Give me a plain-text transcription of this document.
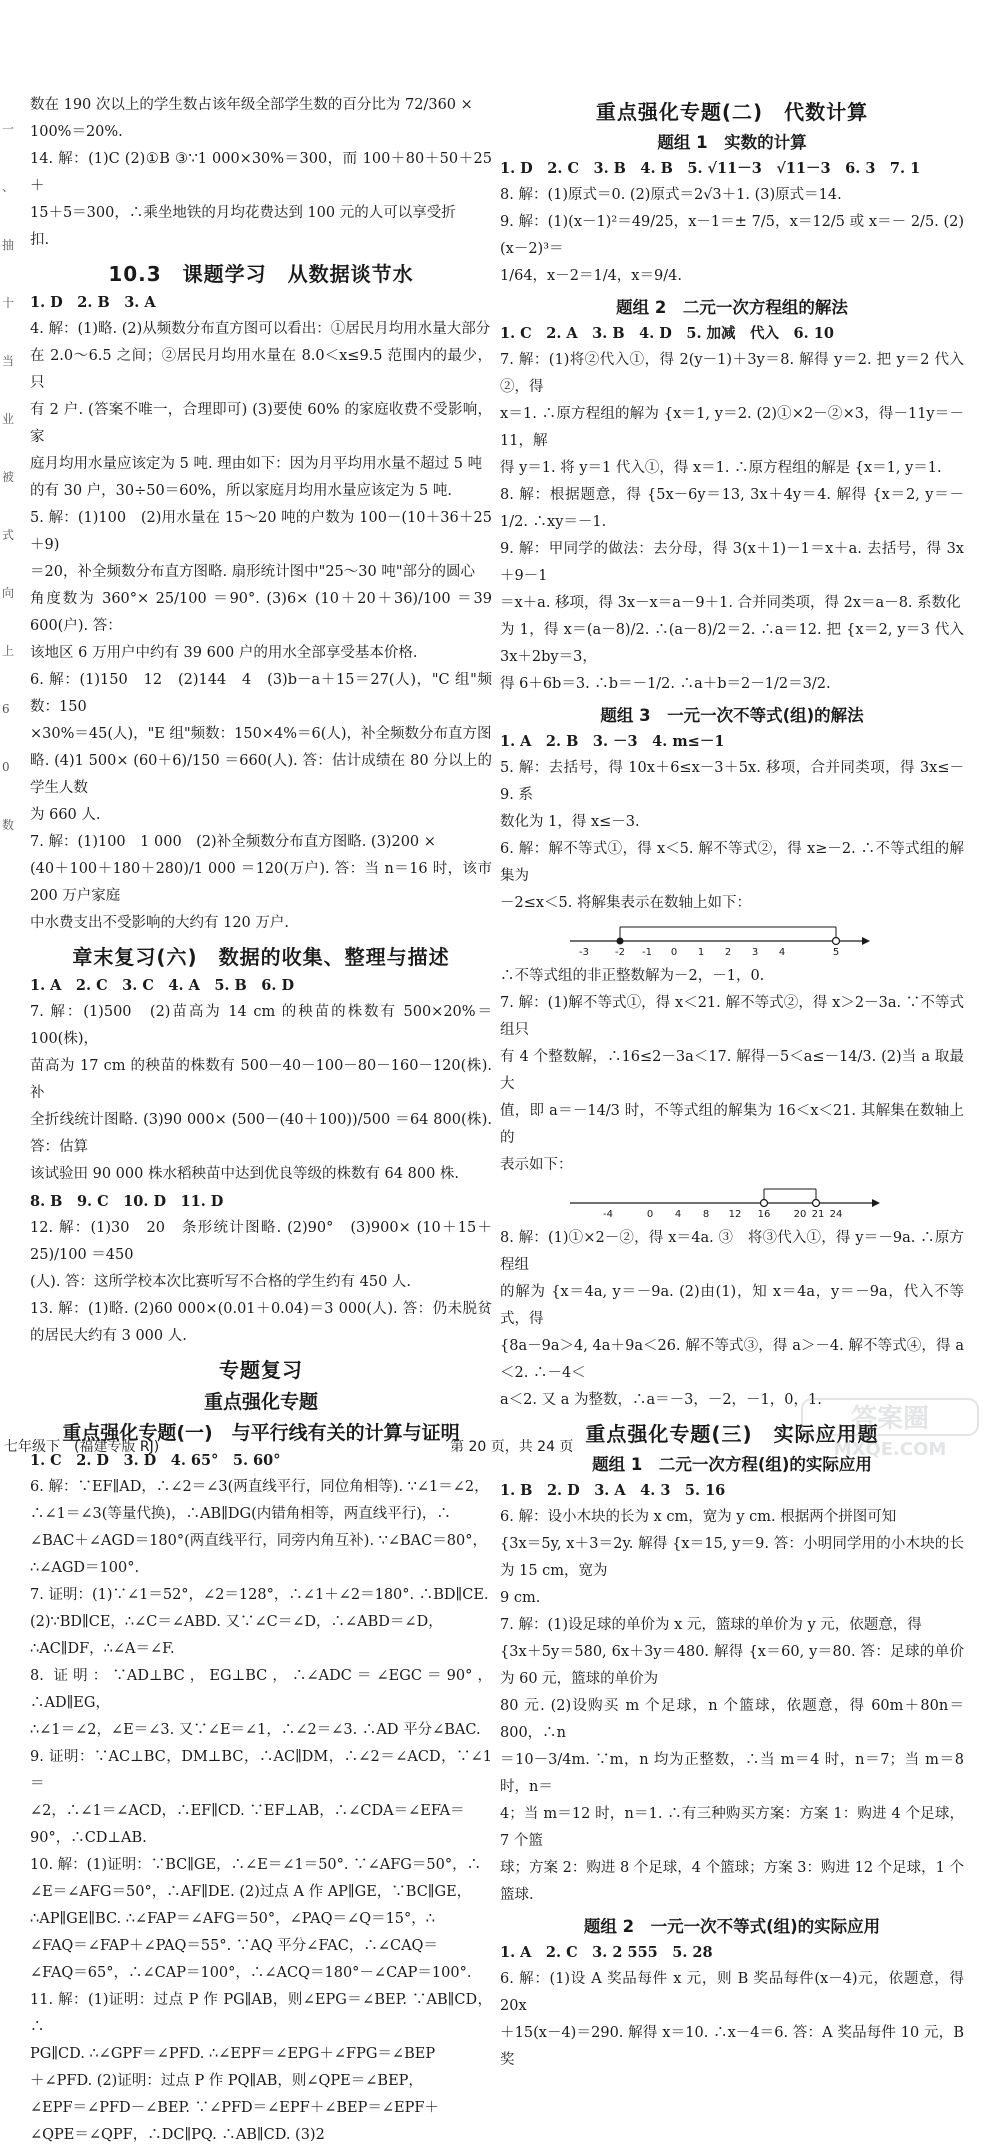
一
、
抽
十
当
业
被
式
向
上
6
0
数

数在 190 次以上的学生数占该年级全部学生数的百分比为 72/360 ×

100%＝20%.

14. 解：(1)C (2)①B ③∵1 000×30%＝300，而 100＋80＋50＋25＋

15＋5＝300，∴乘坐地铁的月均花费达到 100 元的人可以享受折

扣.

10.3　课题学习　从数据谈节水

1. D　2. B　3. A

4. 解：(1)略. (2)从频数分布直方图可以看出：①居民月均用水量大部分

在 2.0～6.5 之间；②居民月均用水量在 8.0＜x≤9.5 范围内的最少，只

有 2 户. (答案不唯一，合理即可) (3)要使 60% 的家庭收费不受影响，家

庭月均用水量应该定为 5 吨. 理由如下：因为月平均用水量不超过 5 吨

的有 30 户，30÷50＝60%，所以家庭月均用水量应该定为 5 吨.

5. 解：(1)100　(2)用水量在 15～20 吨的户数为 100－(10＋36＋25＋9)

＝20，补全频数分布直方图略. 扇形统计图中"25～30 吨"部分的圆心

角度数为 360°× 25/100 ＝90°. (3)6× (10＋20＋36)/100 ＝39 600(户). 答：

该地区 6 万用户中约有 39 600 户的用水全部享受基本价格.

6. 解：(1)150　12　(2)144　4　(3)b－a＋15＝27(人)，"C 组"频数：150

×30%＝45(人)，"E 组"频数：150×4%＝6(人)，补全频数分布直方图

略. (4)1 500× (60＋6)/150 ＝660(人). 答：估计成绩在 80 分以上的学生人数

为 660 人.

7. 解：(1)100　1 000　(2)补全频数分布直方图略. (3)200 ×

(40＋100＋180＋280)/1 000 ＝120(万户). 答：当 n＝16 时，该市 200 万户家庭

中水费支出不受影响的大约有 120 万户.

章末复习(六)　数据的收集、整理与描述

1. A　2. C　3. C　4. A　5. B　6. D

7. 解：(1)500　(2)苗高为 14 cm 的秧苗的株数有 500×20%＝100(株)，

苗高为 17 cm 的秧苗的株数有 500－40－100－80－160－120(株). 补

全折线统计图略. (3)90 000× (500－(40＋100))/500 ＝64 800(株). 答：估算

该试验田 90 000 株水稻秧苗中达到优良等级的株数有 64 800 株.

8. B　9. C　10. D　11. D

12. 解：(1)30　20　条形统计图略. (2)90°　(3)900× (10＋15＋25)/100 ＝450

(人). 答：这所学校本次比赛听写不合格的学生约有 450 人.

13. 解：(1)略. (2)60 000×(0.01＋0.04)＝3 000(人). 答：仍未脱贫的居民大约有 3 000 人.

专题复习
重点强化专题
重点强化专题(一)　与平行线有关的计算与证明

1. C　2. D　3. D　4. 65°　5. 60°

6. 解：∵EF∥AD，∴∠2＝∠3(两直线平行，同位角相等). ∵∠1＝∠2，

∴∠1＝∠3(等量代换)，∴AB∥DG(内错角相等，两直线平行)，∴

∠BAC＋∠AGD＝180°(两直线平行，同旁内角互补). ∵∠BAC＝80°，

∴∠AGD＝100°.

7. 证明：(1)∵∠1＝52°，∠2＝128°，∴∠1＋∠2＝180°. ∴BD∥CE.

(2)∵BD∥CE，∴∠C＝∠ABD. 又∵∠C＝∠D，∴∠ABD＝∠D，

∴AC∥DF，∴∠A＝∠F.

8. 证明：∵AD⊥BC，EG⊥BC，∴∠ADC＝∠EGC＝90°，∴AD∥EG，

∴∠1＝∠2，∠E＝∠3. 又∵∠E＝∠1，∴∠2＝∠3. ∴AD 平分∠BAC.

9. 证明：∵AC⊥BC，DM⊥BC，∴AC∥DM，∴∠2＝∠ACD，∵∠1＝

∠2，∴∠1＝∠ACD，∴EF∥CD. ∵EF⊥AB，∴∠CDA＝∠EFA＝

90°，∴CD⊥AB.

10. 解：(1)证明：∵BC∥GE，∴∠E＝∠1＝50°. ∵∠AFG＝50°，∴

∠E＝∠AFG＝50°，∴AF∥DE. (2)过点 A 作 AP∥GE，∵BC∥GE，

∴AP∥GE∥BC. ∴∠FAP＝∠AFG＝50°，∠PAQ＝∠Q＝15°，∴

∠FAQ＝∠FAP＋∠PAQ＝55°. ∵AQ 平分∠FAC，∴∠CAQ＝

∠FAQ＝65°，∴∠CAP＝100°，∴∠ACQ＝180°－∠CAP＝100°.

11. 解：(1)证明：过点 P 作 PG∥AB，则∠EPG＝∠BEP. ∵AB∥CD，∴

PG∥CD. ∴∠GPF＝∠PFD. ∴∠EPF＝∠EPG＋∠FPG＝∠BEP

＋∠PFD. (2)证明：过点 P 作 PQ∥AB，则∠QPE＝∠BEP，

∠EPF＝∠PFD－∠BEP. ∵∠PFD＝∠EPF＋∠BEP＝∠EPF＋

∠QPE＝∠QPF，∴DC∥PQ. ∴AB∥CD. (3)2

重点强化专题(二)　代数计算
题组 1　实数的计算

1. D　2. C　3. B　4. B　5. √11－3　√11－3　6. 3　7. 1

8. 解：(1)原式＝0. (2)原式＝2√3＋1. (3)原式＝14.

9. 解：(1)(x－1)²＝49/25，x－1＝± 7/5，x＝12/5 或 x＝－ 2/5. (2)(x－2)³＝

1/64，x－2＝1/4，x＝9/4.

题组 2　二元一次方程组的解法

1. C　2. A　3. B　4. D　5. 加减　代入　6. 10

7. 解：(1)将②代入①，得 2(y－1)＋3y＝8. 解得 y＝2. 把 y＝2 代入②，得

x＝1. ∴原方程组的解为 {x＝1, y＝2. (2)①×2－②×3，得－11y＝－11，解

得 y＝1. 将 y＝1 代入①，得 x＝1. ∴原方程组的解是 {x＝1, y＝1.

8. 解：根据题意，得 {5x－6y＝13, 3x＋4y＝4. 解得 {x＝2, y＝－1/2. ∴xy＝－1.

9. 解：甲同学的做法：去分母，得 3(x＋1)－1＝x＋a. 去括号，得 3x＋9－1

＝x＋a. 移项，得 3x－x＝a－9＋1. 合并同类项，得 2x＝a－8. 系数化

为 1，得 x＝(a－8)/2. ∴(a－8)/2＝2. ∴a＝12. 把 {x＝2, y＝3 代入 3x＋2by＝3，

得 6＋6b＝3. ∴b＝－1/2. ∴a＋b＝2－1/2＝3/2.

题组 3　一元一次不等式(组)的解法

1. A　2. B　3. －3　4. m≤－1

5. 解：去括号，得 10x＋6≤x－3＋5x. 移项，合并同类项，得 3x≤－9. 系

数化为 1，得 x≤－3.

6. 解：解不等式①，得 x＜5. 解不等式②，得 x≥－2. ∴不等式组的解集为

－2≤x＜5. 将解集表示在数轴上如下：

-3	-2 -1 0 1 2 3 4	5

∴不等式组的非正整数解为－2，－1，0.

7. 解：(1)解不等式①，得 x＜21. 解不等式②，得 x＞2－3a. ∵不等式组只

有 4 个整数解，∴16≤2－3a＜17. 解得－5＜a≤－14/3. (2)当 a 取最大

值，即 a＝－14/3 时，不等式组的解集为 16＜x＜21. 其解集在数轴上的

表示如下：

-4	0 4 8 12 16 20 21 24

8. 解：(1)①×2－②，得 x＝4a. ③　将③代入①，得 y＝－9a. ∴原方程组

的解为 {x＝4a, y＝－9a. (2)由(1)，知 x＝4a，y＝－9a，代入不等式，得

{8a－9a＞4, 4a＋9a＜26. 解不等式③，得 a＞－4. 解不等式④，得 a＜2. ∴－4＜

a＜2. 又 a 为整数，∴a＝－3，－2，－1，0，1.

重点强化专题(三)　实际应用题
题组 1　二元一次方程(组)的实际应用

1. B　2. D　3. A　4. 3　5. 16

6. 解：设小木块的长为 x cm，宽为 y cm. 根据两个拼图可知

{3x＝5y, x＋3＝2y. 解得 {x＝15, y＝9. 答：小明同学用的小木块的长为 15 cm，宽为

9 cm.

7. 解：(1)设足球的单价为 x 元，篮球的单价为 y 元，依题意，得

{3x＋5y＝580, 6x＋3y＝480. 解得 {x＝60, y＝80. 答：足球的单价为 60 元，篮球的单价为

80 元. (2)设购买 m 个足球，n 个篮球，依题意，得 60m＋80n＝800，∴n

＝10－3/4m. ∵m，n 均为正整数，∴当 m＝4 时，n＝7；当 m＝8 时，n＝

4；当 m＝12 时，n＝1. ∴有三种购买方案：方案 1：购进 4 个足球，7 个篮

球；方案 2：购进 8 个足球，4 个篮球；方案 3：购进 12 个足球，1 个篮球.

题组 2　一元一次不等式(组)的实际应用

1. A　2. C　3. 2 555　5. 28

6. 解：(1)设 A 奖品每件 x 元，则 B 奖品每件(x－4)元，依题意，得 20x

＋15(x－4)＝290. 解得 x＝10. ∴x－4＝6. 答：A 奖品每件 10 元，B 奖

七年级下　(福建专版 RJ)	第 20 页，共 24 页
答案圈
MXQE.COM
